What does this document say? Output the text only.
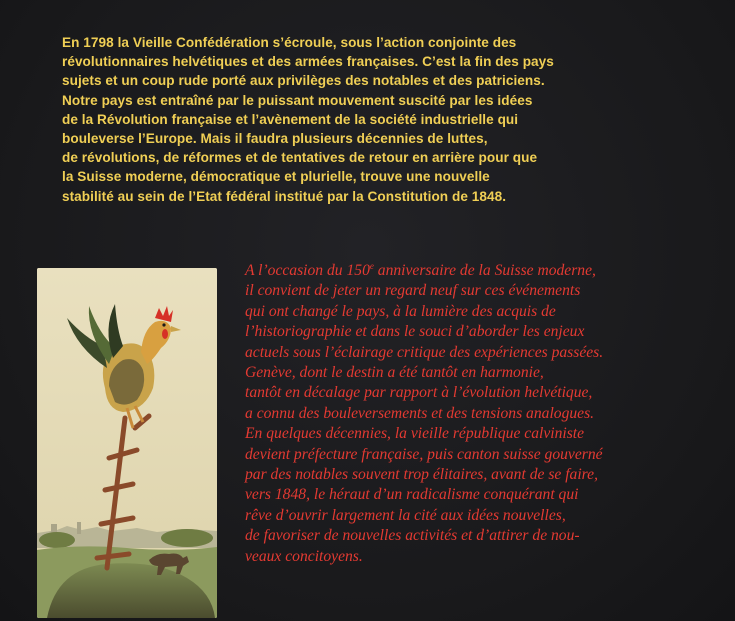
En 1798 la Vieille Confédération s’écroule, sous l’action conjointe des
révolutionnaires helvétiques et des armées françaises. C’est la fin des pays
sujets et un coup rude porté aux privilèges des notables et des patriciens.
Notre pays est entraîné par le puissant mouvement suscité par les idées
de la Révolution française et l’avènement de la société industrielle qui
bouleverse l’Europe. Mais il faudra plusieurs décennies de luttes,
de révolutions, de réformes et de tentatives de retour en arrière pour que
la Suisse moderne, démocratique et plurielle, trouve une nouvelle
stabilité au sein de l’Etat fédéral institué par la Constitution de 1848.
A l’occasion du 150e anniversaire de la Suisse moderne,
il convient de jeter un regard neuf sur ces événements
qui ont changé le pays, à la lumière des acquis de
l’historiographie et dans le souci d’aborder les enjeux
actuels sous l’éclairage critique des expériences passées.
Genève, dont le destin a été tantôt en harmonie,
tantôt en décalage par rapport à l’évolution helvétique,
a connu des bouleversements et des tensions analogues.
En quelques décennies, la vieille république calviniste
devient préfecture française, puis canton suisse gouverné
par des notables souvent trop élitaires, avant de se faire,
vers 1848, le héraut d’un radicalisme conquérant qui
rêve d’ouvrir largement la cité aux idées nouvelles,
de favoriser de nouvelles activités et d’attirer de nou-
veaux concitoyens.
